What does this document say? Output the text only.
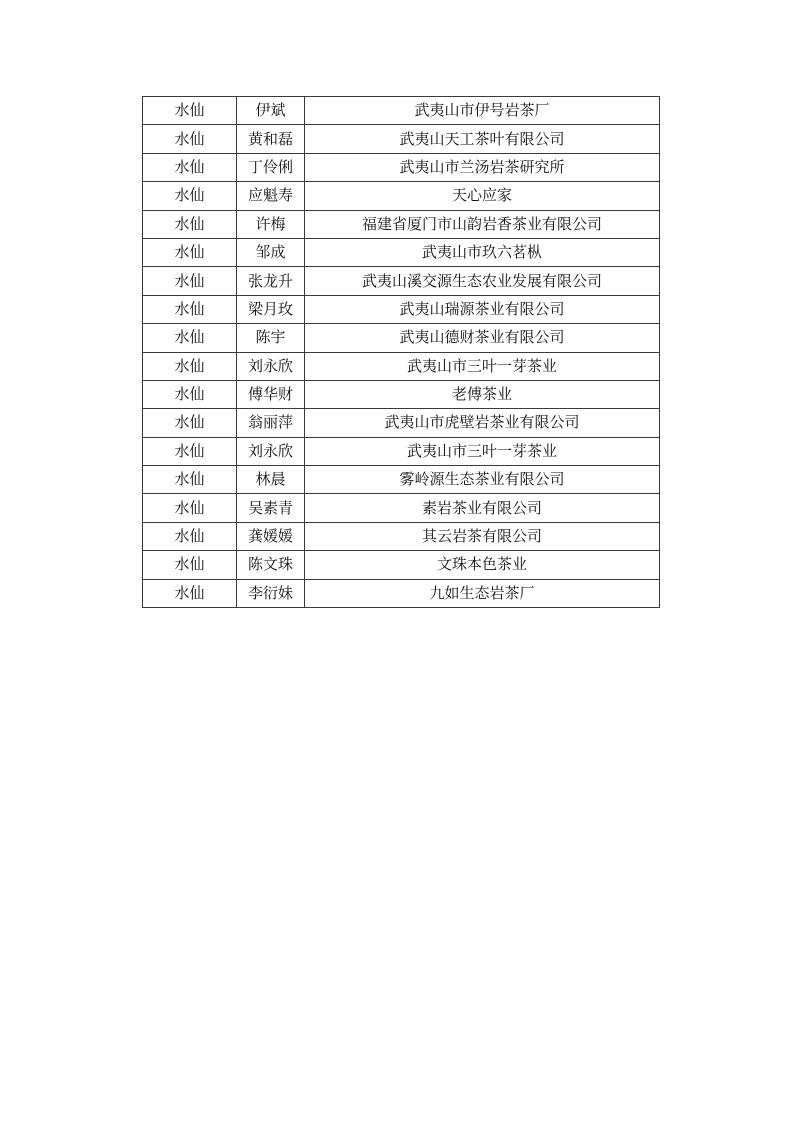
水仙	伊斌	武夷山市伊号岩茶厂
水仙	黄和磊	武夷山天工茶叶有限公司
水仙	丁伶俐	武夷山市兰汤岩茶研究所
水仙	应魁寿	天心应家
水仙	许梅	福建省厦门市山韵岩香茶业有限公司
水仙	邹成	武夷山市玖六茗枞
水仙	张龙升	武夷山溪交源生态农业发展有限公司
水仙	梁月玫	武夷山瑞源茶业有限公司
水仙	陈宇	武夷山德财茶业有限公司
水仙	刘永欣	武夷山市三叶一芽茶业
水仙	傅华财	老傅茶业
水仙	翁丽萍	武夷山市虎壁岩茶业有限公司
水仙	刘永欣	武夷山市三叶一芽茶业
水仙	林晨	雾岭源生态茶业有限公司
水仙	吴素青	素岩茶业有限公司
水仙	龚媛媛	其云岩茶有限公司
水仙	陈文珠	文珠本色茶业
水仙	李衍妹	九如生态岩茶厂
